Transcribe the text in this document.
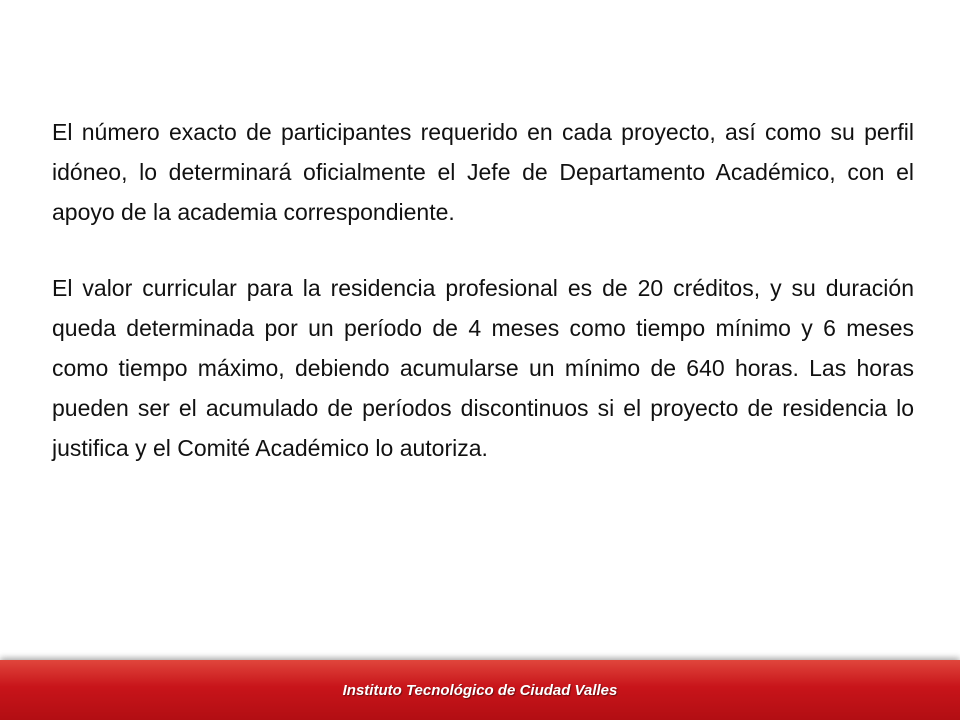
El número exacto de participantes requerido en cada proyecto, así como su perfil idóneo, lo determinará oficialmente el Jefe de Departamento Académico, con el apoyo de la academia correspondiente.

El valor curricular para la residencia profesional es de 20 créditos, y su duración queda determinada por un período de 4 meses como tiempo mínimo y 6 meses como tiempo máximo, debiendo acumularse un mínimo de 640 horas. Las horas pueden ser el acumulado de períodos discontinuos si el proyecto de residencia lo justifica y el Comité Académico lo autoriza.

Instituto Tecnológico de Ciudad Valles
